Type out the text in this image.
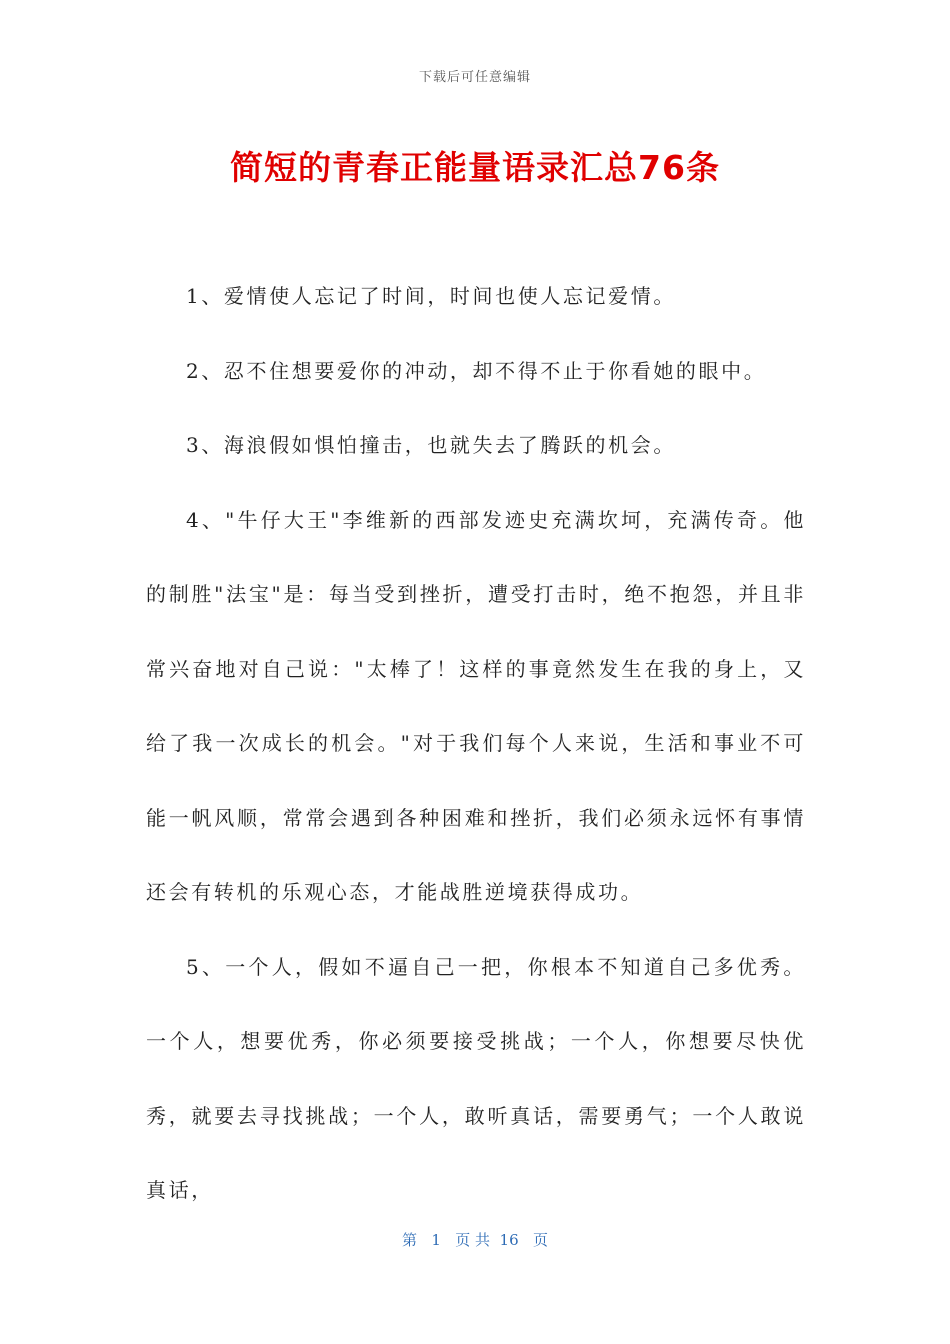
下载后可任意编辑
简短的青春正能量语录汇总76条

1、爱情使人忘记了时间，时间也使人忘记爱情。

2、忍不住想要爱你的冲动，却不得不止于你看她的眼中。

3、海浪假如惧怕撞击，也就失去了腾跃的机会。

4、"牛仔大王"李维新的西部发迹史充满坎坷，充满传奇。他的制胜"法宝"是：每当受到挫折，遭受打击时，绝不抱怨，并且非常兴奋地对自己说："太棒了！这样的事竟然发生在我的身上，又给了我一次成长的机会。"对于我们每个人来说，生活和事业不可能一帆风顺，常常会遇到各种困难和挫折，我们必须永远怀有事情还会有转机的乐观心态，才能战胜逆境获得成功。

5、一个人，假如不逼自己一把，你根本不知道自己多优秀。一个人，想要优秀，你必须要接受挑战；一个人，你想要尽快优秀，就要去寻找挑战；一个人，敢听真话，需要勇气；一个人敢说真话，

第 1 页 共 16 页
